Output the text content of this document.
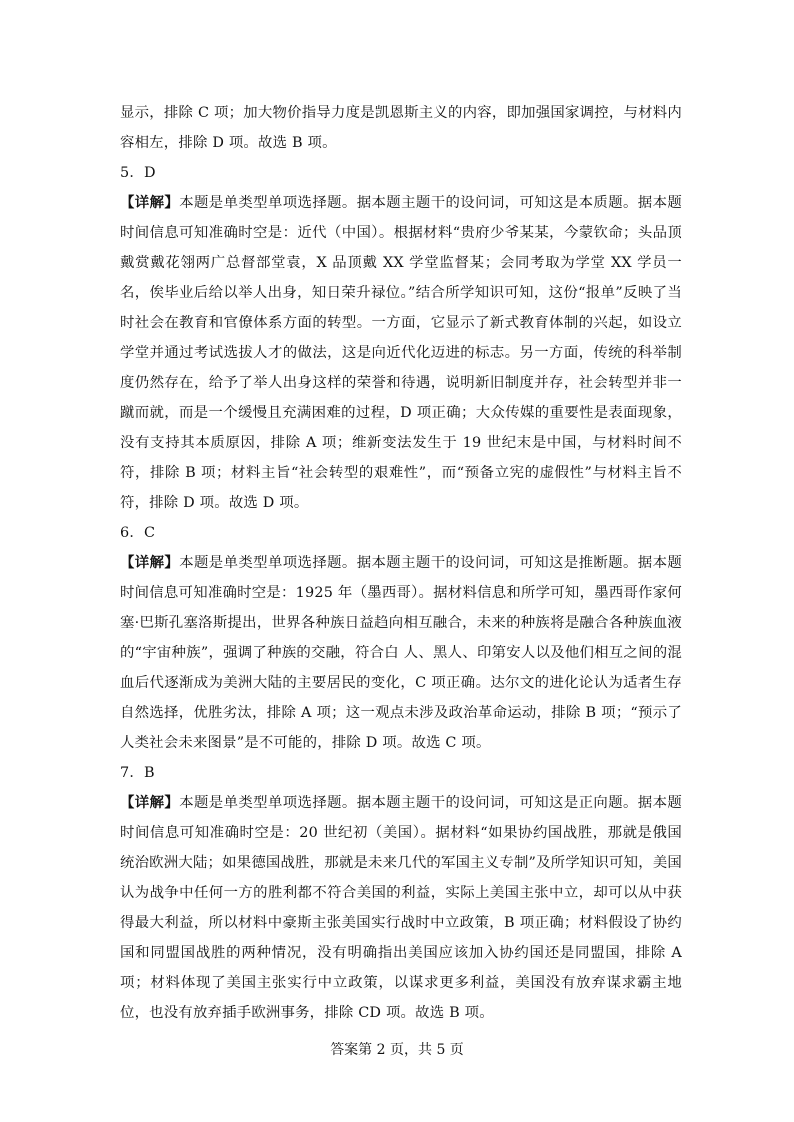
显示，排除 C 项；加大物价指导力度是凯恩斯主义的内容，即加强国家调控，与材料内容相左，排除 D 项。故选 B 项。

5．D

【详解】本题是单类型单项选择题。据本题主题干的设问词，可知这是本质题。据本题时间信息可知准确时空是：近代（中国）。根据材料“贵府少爷某某，今蒙钦命；头品顶戴赏戴花翎两广总督部堂袁，X 品顶戴 XX 学堂监督某；会同考取为学堂 XX 学员一名，俟毕业后给以举人出身，知日荣升禄位。”结合所学知识可知，这份“报单”反映了当时社会在教育和官僚体系方面的转型。一方面，它显示了新式教育体制的兴起，如设立学堂并通过考试选拔人才的做法，这是向近代化迈进的标志。另一方面，传统的科举制度仍然存在，给予了举人出身这样的荣誉和待遇，说明新旧制度并存，社会转型并非一蹴而就，而是一个缓慢且充满困难的过程，D 项正确；大众传媒的重要性是表面现象，没有支持其本质原因，排除 A 项；维新变法发生于 19 世纪末是中国，与材料时间不符，排除 B 项；材料主旨“社会转型的艰难性”，而“预备立宪的虚假性”与材料主旨不符，排除 D 项。故选 D 项。

6．C

【详解】本题是单类型单项选择题。据本题主题干的设问词，可知这是推断题。据本题时间信息可知准确时空是：1925 年（墨西哥）。据材料信息和所学可知，墨西哥作家何塞·巴斯孔塞洛斯提出，世界各种族日益趋向相互融合，未来的种族将是融合各种族血液的“宇宙种族”，强调了种族的交融，符合白 人、黑人、印第安人以及他们相互之间的混血后代逐渐成为美洲大陆的主要居民的变化，C 项正确。达尔文的进化论认为适者生存自然选择，优胜劣汰，排除 A 项；这一观点未涉及政治革命运动，排除 B 项；“预示了人类社会未来图景”是不可能的，排除 D 项。故选 C 项。

7．B

【详解】本题是单类型单项选择题。据本题主题干的设问词，可知这是正向题。据本题时间信息可知准确时空是：20 世纪初（美国）。据材料“如果协约国战胜，那就是俄国统治欧洲大陆；如果德国战胜，那就是未来几代的军国主义专制”及所学知识可知，美国认为战争中任何一方的胜利都不符合美国的利益，实际上美国主张中立，却可以从中获得最大利益，所以材料中豪斯主张美国实行战时中立政策，B 项正确；材料假设了协约国和同盟国战胜的两种情况，没有明确指出美国应该加入协约国还是同盟国，排除 A 项；材料体现了美国主张实行中立政策，以谋求更多利益，美国没有放弃谋求霸主地位，也没有放弃插手欧洲事务，排除 CD 项。故选 B 项。

答案第 2 页，共 5 页
